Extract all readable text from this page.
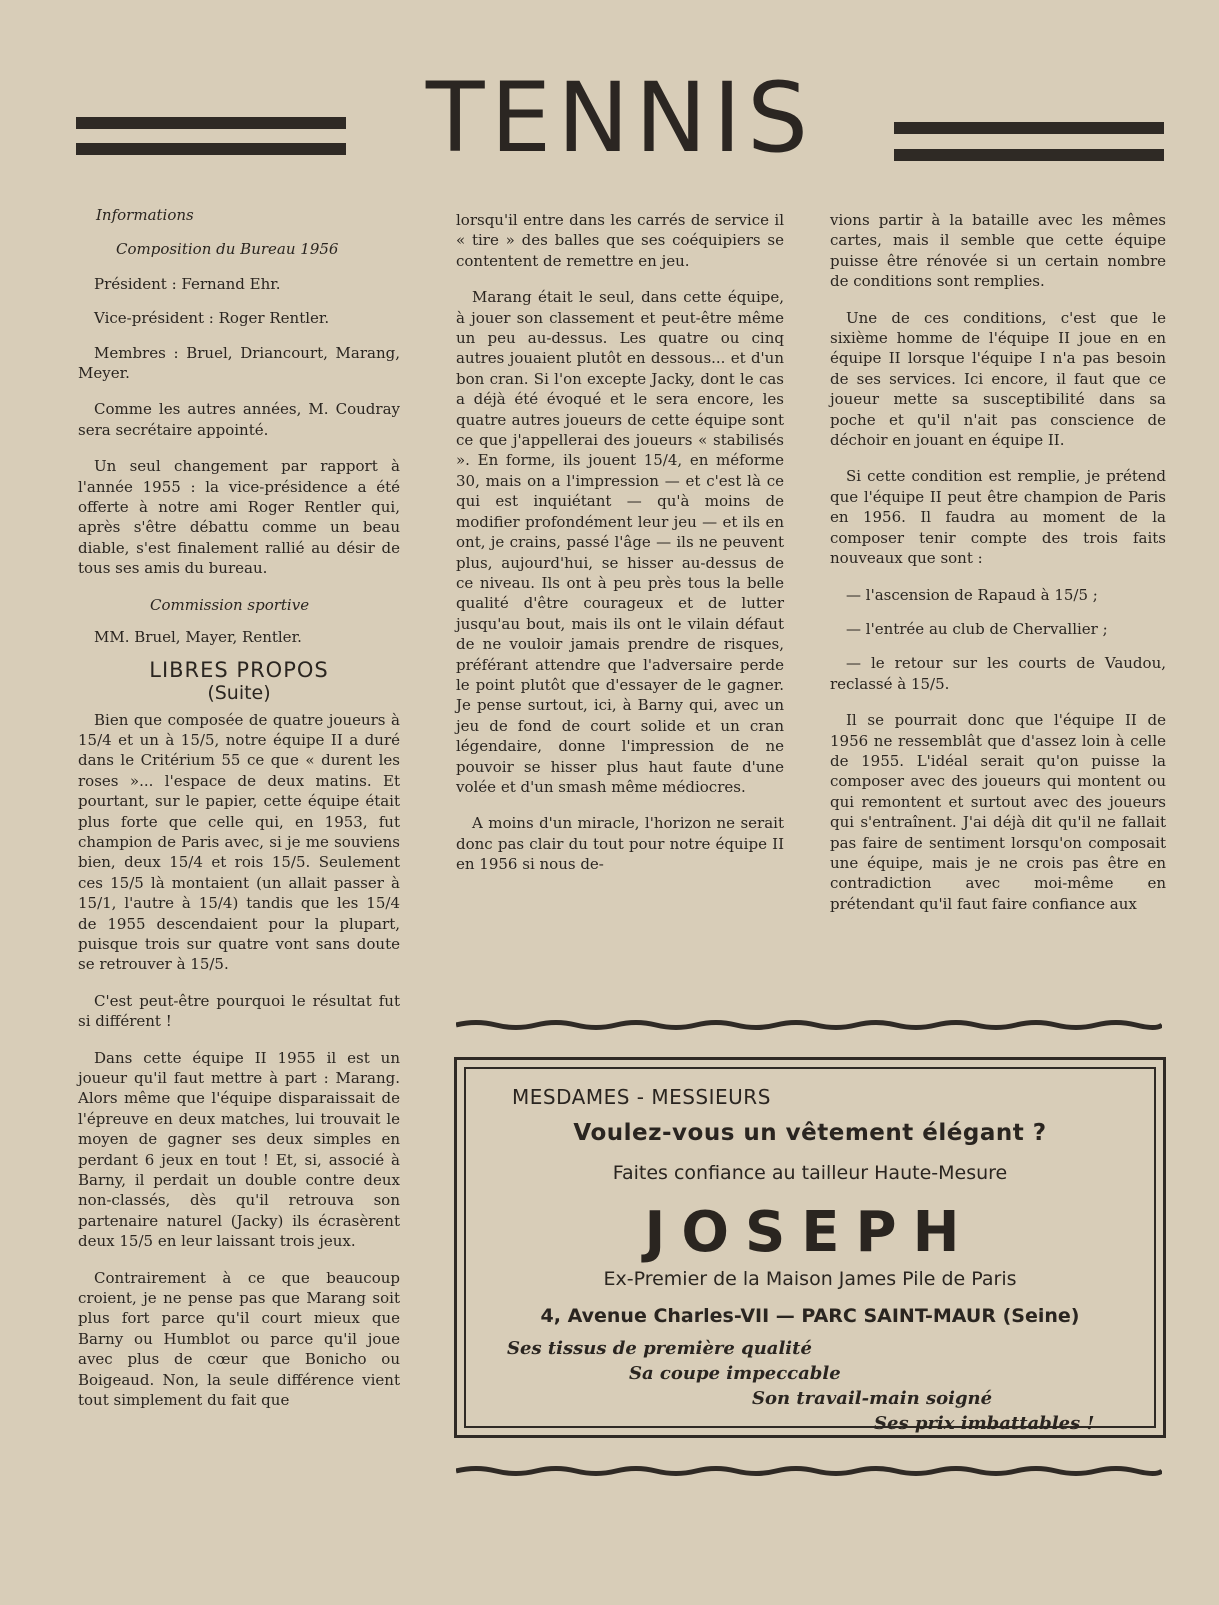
TENNIS

Informations

Composition du Bureau 1956

Président : Fernand Ehr.

Vice-président : Roger Rentler.

Membres : Bruel, Driancourt, Marang, Meyer.

Comme les autres années, M. Coudray sera secrétaire appointé.

Un seul changement par rapport à l'année 1955 : la vice-présidence a été offerte à notre ami Roger Rentler qui, après s'être débattu comme un beau diable, s'est finalement rallié au désir de tous ses amis du bureau.

Commission sportive

MM. Bruel, Mayer, Rentler.

LIBRES PROPOS
(Suite)

Bien que composée de quatre joueurs à 15/4 et un à 15/5, notre équipe II a duré dans le Critérium 55 ce que « durent les roses »... l'espace de deux matins. Et pourtant, sur le papier, cette équipe était plus forte que celle qui, en 1953, fut champion de Paris avec, si je me souviens bien, deux 15/4 et rois 15/5. Seulement ces 15/5 là montaient (un allait passer à 15/1, l'autre à 15/4) tandis que les 15/4 de 1955 descendaient pour la plupart, puisque trois sur quatre vont sans doute se retrouver à 15/5.

C'est peut-être pourquoi le résultat fut si différent !

Dans cette équipe II 1955 il est un joueur qu'il faut mettre à part : Marang. Alors même que l'équipe disparaissait de l'épreuve en deux matches, lui trouvait le moyen de gagner ses deux simples en perdant 6 jeux en tout ! Et, si, associé à Barny, il perdait un double contre deux non-classés, dès qu'il retrouva son partenaire naturel (Jacky) ils écrasèrent deux 15/5 en leur laissant trois jeux.

Contrairement à ce que beaucoup croient, je ne pense pas que Marang soit plus fort parce qu'il court mieux que Barny ou Humblot ou parce qu'il joue avec plus de cœur que Bonicho ou Boigeaud. Non, la seule différence vient tout simplement du fait que

lorsqu'il entre dans les carrés de service il « tire » des balles que ses coéquipiers se contentent de remettre en jeu.

Marang était le seul, dans cette équipe, à jouer son classement et peut-être même un peu au-dessus. Les quatre ou cinq autres jouaient plutôt en dessous... et d'un bon cran. Si l'on excepte Jacky, dont le cas a déjà été évoqué et le sera encore, les quatre autres joueurs de cette équipe sont ce que j'appellerai des joueurs « stabilisés ». En forme, ils jouent 15/4, en méforme 30, mais on a l'impression — et c'est là ce qui est inquiétant — qu'à moins de modifier profondément leur jeu — et ils en ont, je crains, passé l'âge — ils ne peuvent plus, aujourd'hui, se hisser au-dessus de ce niveau. Ils ont à peu près tous la belle qualité d'être courageux et de lutter jusqu'au bout, mais ils ont le vilain défaut de ne vouloir jamais prendre de risques, préférant attendre que l'adversaire perde le point plutôt que d'essayer de le gagner. Je pense surtout, ici, à Barny qui, avec un jeu de fond de court solide et un cran légendaire, donne l'impression de ne pouvoir se hisser plus haut faute d'une volée et d'un smash même médiocres.

A moins d'un miracle, l'horizon ne serait donc pas clair du tout pour notre équipe II en 1956 si nous de-

vions partir à la bataille avec les mêmes cartes, mais il semble que cette équipe puisse être rénovée si un certain nombre de conditions sont remplies.

Une de ces conditions, c'est que le sixième homme de l'équipe II joue en en équipe II lorsque l'équipe I n'a pas besoin de ses services. Ici encore, il faut que ce joueur mette sa susceptibilité dans sa poche et qu'il n'ait pas conscience de déchoir en jouant en équipe II.

Si cette condition est remplie, je prétend que l'équipe II peut être champion de Paris en 1956. Il faudra au moment de la composer tenir compte des trois faits nouveaux que sont :

— l'ascension de Rapaud à 15/5 ;

— l'entrée au club de Chervallier ;

— le retour sur les courts de Vaudou, reclassé à 15/5.

Il se pourrait donc que l'équipe II de 1956 ne ressemblât que d'assez loin à celle de 1955. L'idéal serait qu'on puisse la composer avec des joueurs qui montent ou qui remontent et surtout avec des joueurs qui s'entraînent. J'ai déjà dit qu'il ne fallait pas faire de sentiment lorsqu'on composait une équipe, mais je ne crois pas être en contradiction avec moi-même en prétendant qu'il faut faire confiance aux

MESDAMES - MESSIEURS
Voulez-vous un vêtement élégant ?
Faites confiance au tailleur Haute-Mesure
JOSEPH
Ex-Premier de la Maison James Pile de Paris
4, Avenue Charles-VII — PARC SAINT-MAUR (Seine)
Ses tissus de première qualité
Sa coupe impeccable
Son travail-main soigné
Ses prix imbattables !
